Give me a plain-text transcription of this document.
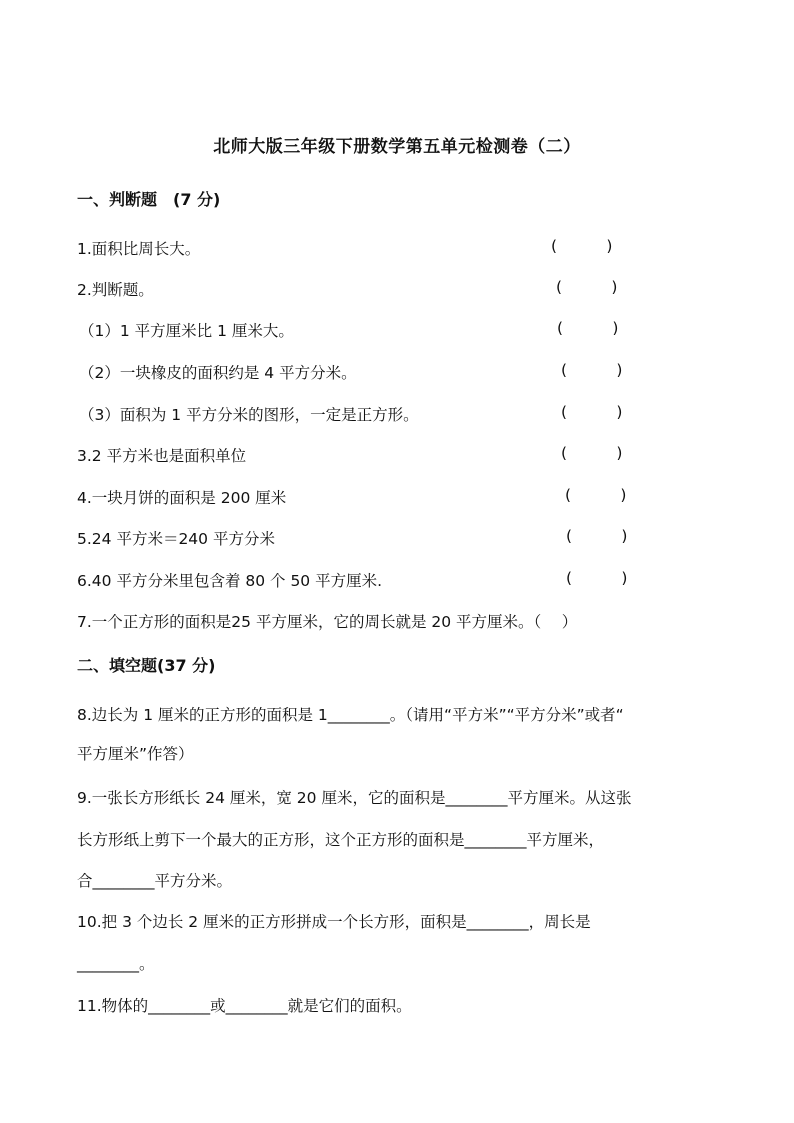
北师大版三年级下册数学第五单元检测卷（二）
一、判断题　(7 分)
1.面积比周长大。	(          )
2.判断题。	(          )
（1）1 平方厘米比 1 厘米大。	(          )
（2）一块橡皮的面积约是 4 平方分米。	(          )
（3）面积为 1 平方分米的图形，一定是正方形。	(          )
3.2 平方米也是面积单位	(          )
4.一块月饼的面积是 200 厘米	(          )
5.24 平方米＝240 平方分米	(          )
6.40 平方分米里包含着 80 个 50 平方厘米.	(          )
7.一个正方形的面积是25 平方厘米，它的周长就是 20 平方厘米。（　 ）
二、填空题(37 分)
8.边长为 1 厘米的正方形的面积是 1________。（请用“平方米”“平方分米”或者“
平方厘米”作答）
9.一张长方形纸长 24 厘米，宽 20 厘米，它的面积是________平方厘米。从这张
长方形纸上剪下一个最大的正方形，这个正方形的面积是________平方厘米，
合________平方分米。
10.把 3 个边长 2 厘米的正方形拼成一个长方形，面积是________，周长是
________。
11.物体的________或________就是它们的面积。
